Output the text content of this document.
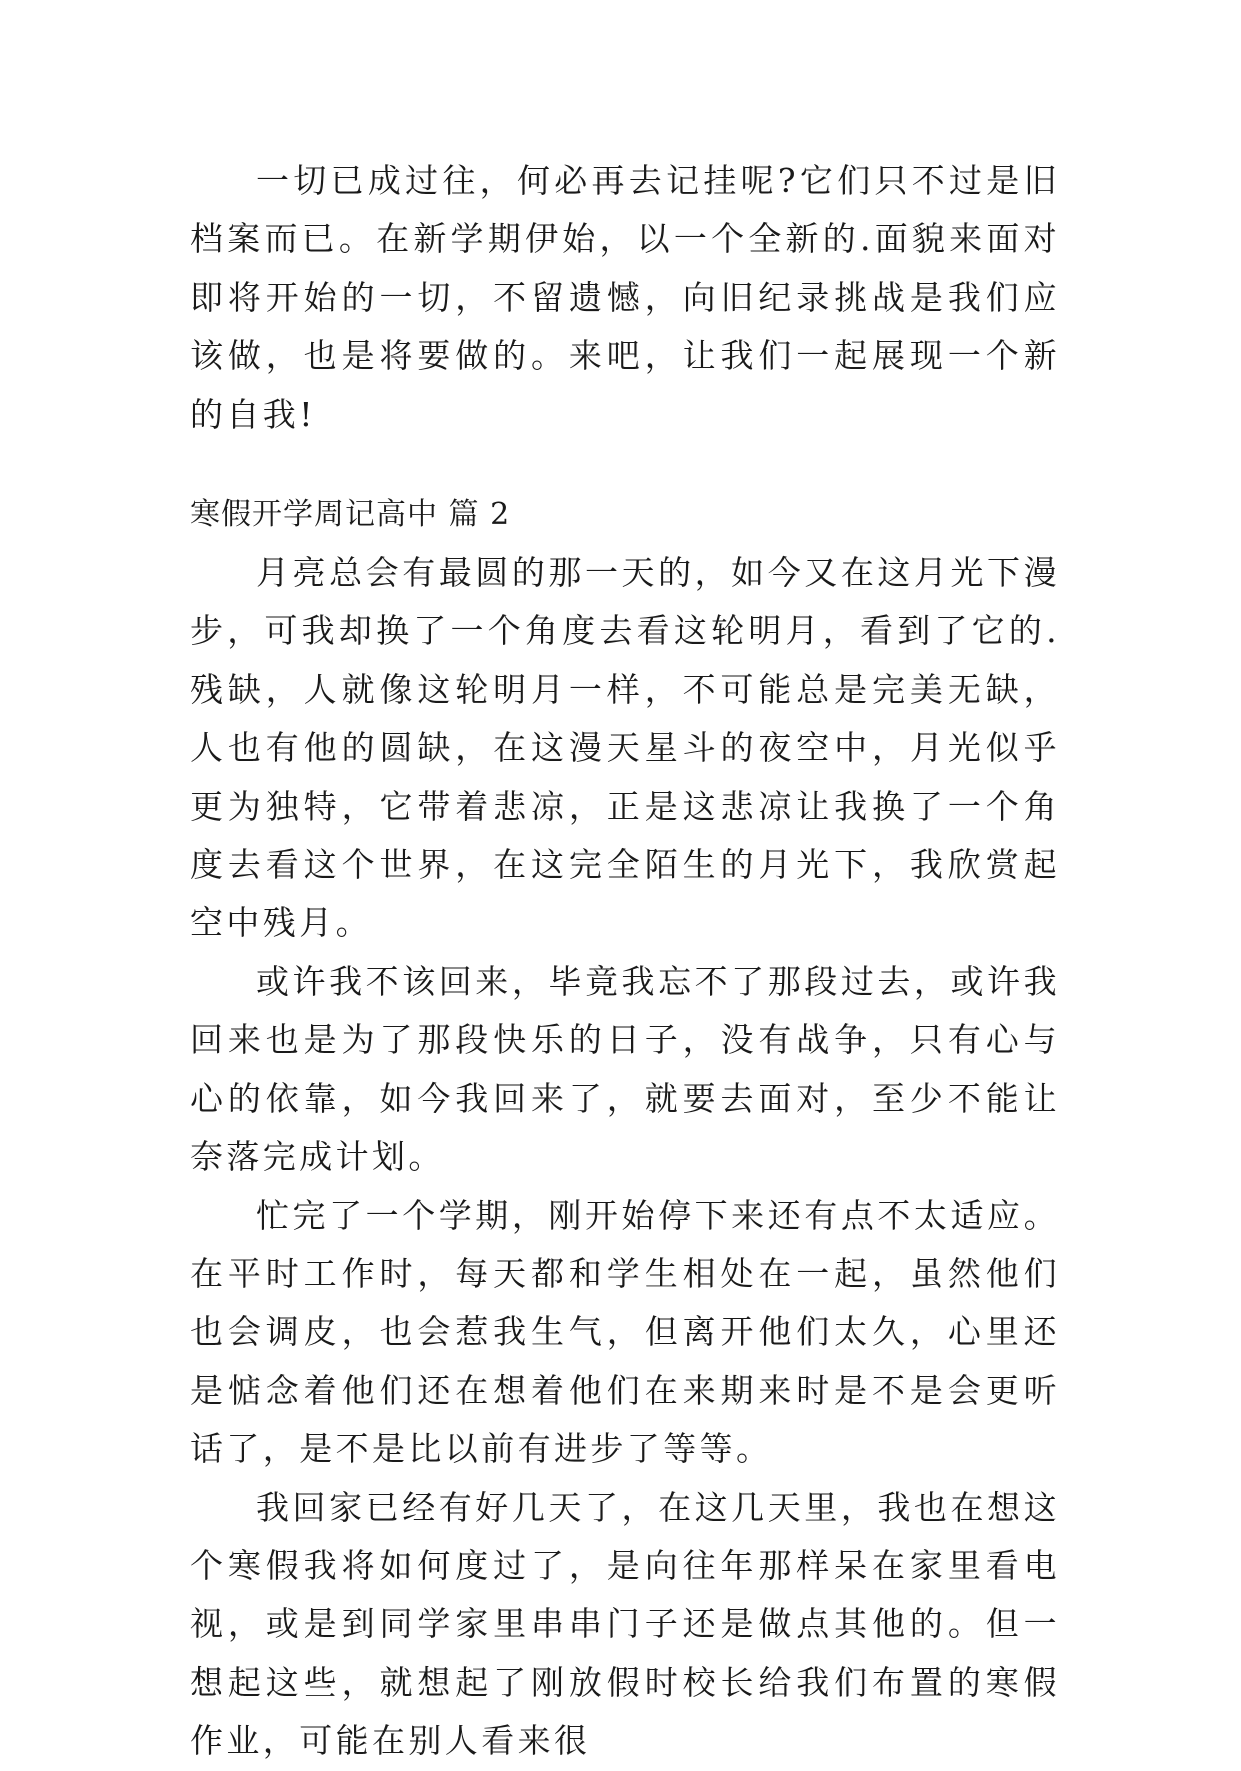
一切已成过往，何必再去记挂呢?它们只不过是旧档案而已。在新学期伊始，以一个全新的.面貌来面对即将开始的一切，不留遗憾，向旧纪录挑战是我们应该做，也是将要做的。来吧，让我们一起展现一个新的自我!

寒假开学周记高中 篇 2

月亮总会有最圆的那一天的，如今又在这月光下漫步，可我却换了一个角度去看这轮明月，看到了它的.残缺，人就像这轮明月一样，不可能总是完美无缺，人也有他的圆缺，在这漫天星斗的夜空中，月光似乎更为独特，它带着悲凉，正是这悲凉让我换了一个角度去看这个世界，在这完全陌生的月光下，我欣赏起空中残月。

或许我不该回来，毕竟我忘不了那段过去，或许我回来也是为了那段快乐的日子，没有战争，只有心与心的依靠，如今我回来了，就要去面对，至少不能让奈落完成计划。

忙完了一个学期，刚开始停下来还有点不太适应。在平时工作时，每天都和学生相处在一起，虽然他们也会调皮，也会惹我生气，但离开他们太久，心里还是惦念着他们还在想着他们在来期来时是不是会更听话了，是不是比以前有进步了等等。

我回家已经有好几天了，在这几天里，我也在想这个寒假我将如何度过了，是向往年那样呆在家里看电视，或是到同学家里串串门子还是做点其他的。但一想起这些，就想起了刚放假时校长给我们布置的寒假作业，可能在别人看来很
